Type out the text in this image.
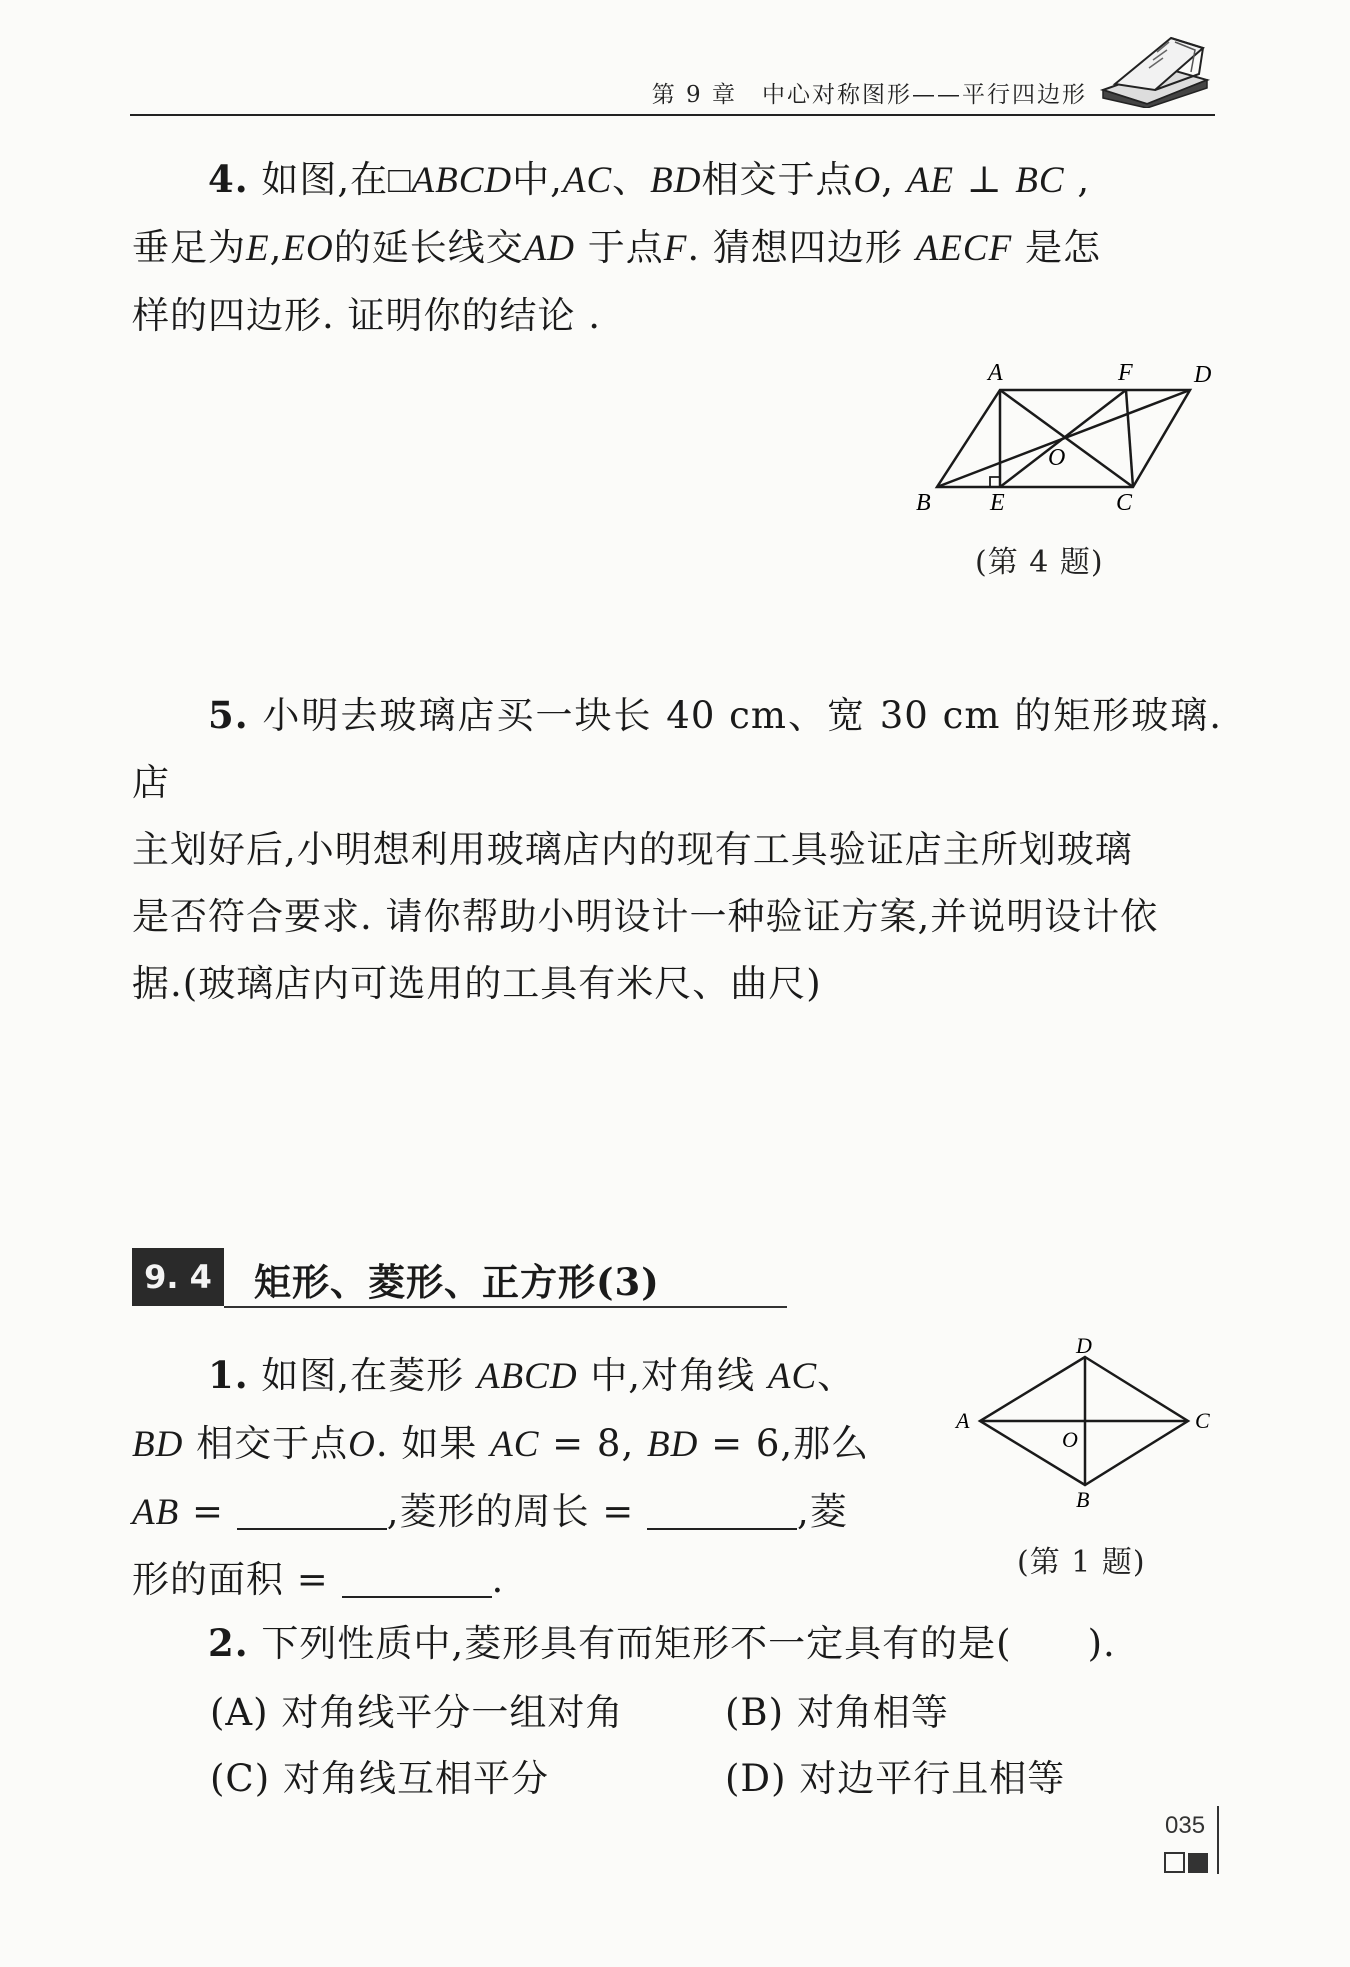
第 9 章　中心对称图形——平行四边形

4. 如图,在□ABCD中,AC、BD相交于点O, AE ⊥ BC ,
垂足为E,EO的延长线交AD 于点F. 猜想四边形 AECF 是怎
样的四边形. 证明你的结论 .

A	F	D
O
B E	C
(第 4 题)

5. 小明去玻璃店买一块长 40 cm、宽 30 cm 的矩形玻璃. 店
主划好后,小明想利用玻璃店内的现有工具验证店主所划玻璃
是否符合要求. 请你帮助小明设计一种验证方案,并说明设计依
据.(玻璃店内可选用的工具有米尺、曲尺)

9. 4	矩形、菱形、正方形(3)

1. 如图,在菱形 ABCD 中,对角线 AC、
BD 相交于点O. 如果 AC = 8, BD = 6,那么
AB =	,菱形的周长 =	,菱
形的面积 =	.

D
A
O
C
B
(第 1 题)

2. 下列性质中,菱形具有而矩形不一定具有的是(　　).

(A) 对角线平分一组对角	(B) 对角相等
(C) 对角线互相平分	(D) 对边平行且相等
035
